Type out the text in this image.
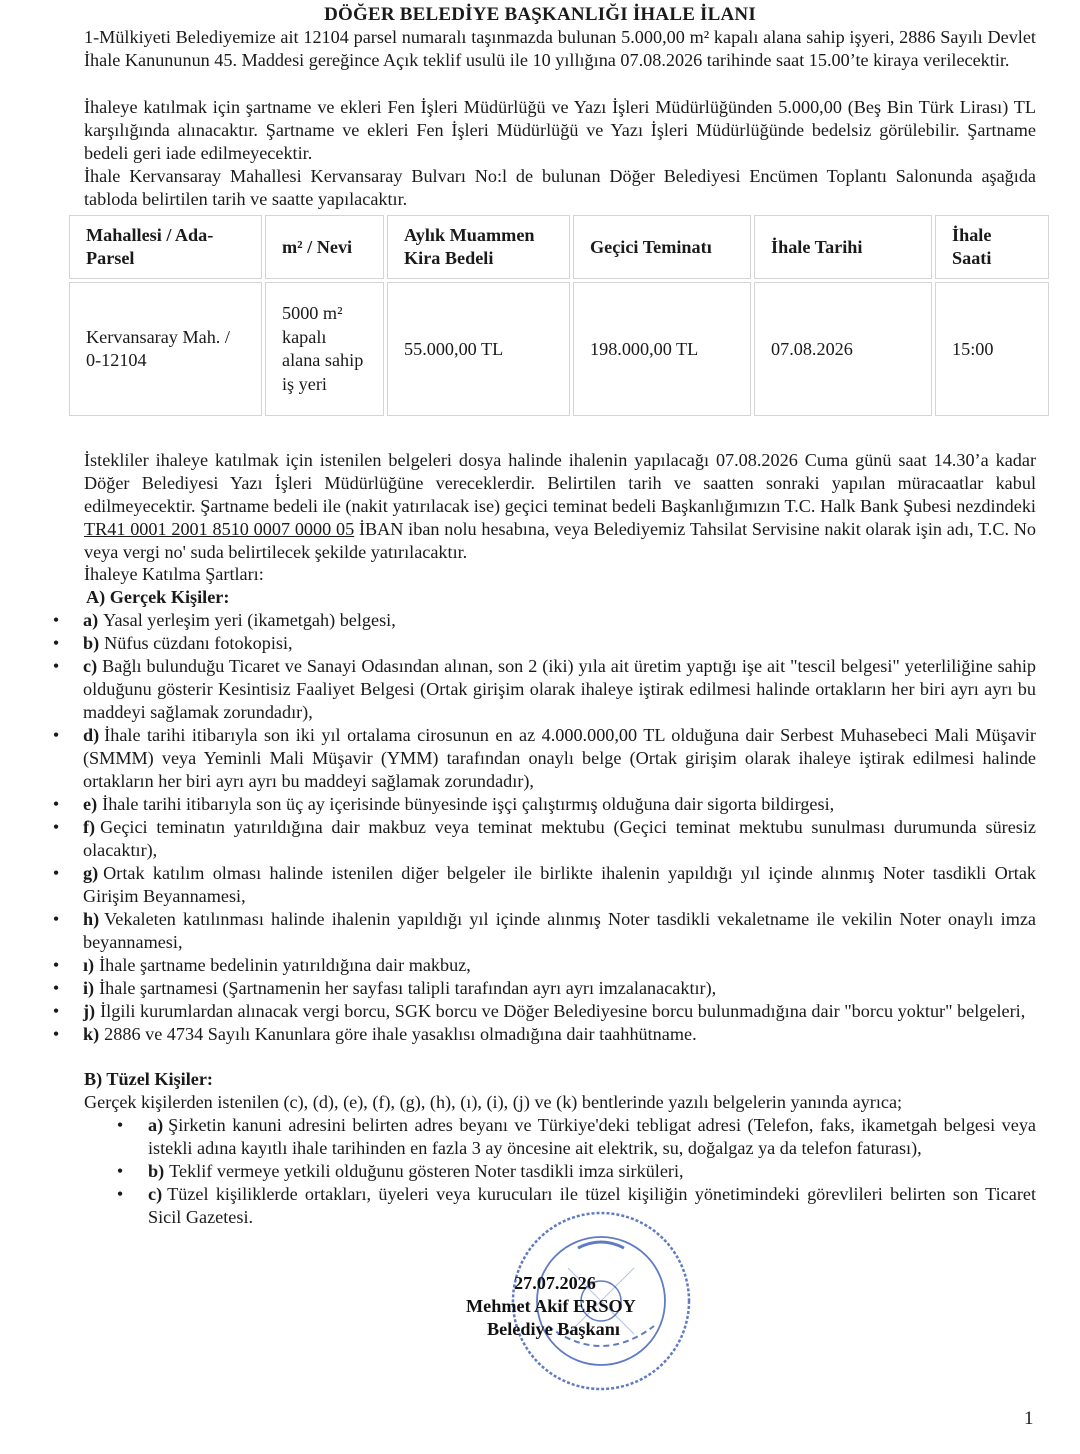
DÖĞER BELEDİYE BAŞKANLIĞI İHALE İLANI
1-Mülkiyeti Belediyemize ait 12104 parsel numaralı taşınmazda bulunan 5.000,00 m² kapalı alana sahip işyeri, 2886 Sayılı Devlet İhale Kanununun 45. Maddesi gereğince Açık teklif usulü ile 10 yıllığına 07.08.2026 tarihinde saat 15.00’te kiraya verilecektir.
İhaleye katılmak için şartname ve ekleri Fen İşleri Müdürlüğü ve Yazı İşleri Müdürlüğünden 5.000,00 (Beş Bin Türk Lirası) TL karşılığında alınacaktır. Şartname ve ekleri Fen İşleri Müdürlüğü ve Yazı İşleri Müdürlüğünde bedelsiz görülebilir. Şartname bedeli geri iade edilmeyecektir.
İhale Kervansaray Mahallesi Kervansaray Bulvarı No:l de bulunan Döğer Belediyesi Encümen Toplantı Salonunda aşağıda tabloda belirtilen tarih ve saatte yapılacaktır.
Mahallesi / Ada-Parsel	m² / Nevi	Aylık Muammen Kira Bedeli	Geçici Teminatı	İhale Tarihi	İhale Saati
Kervansaray Mah. / 0-12104	5000 m² kapalı alana sahip iş yeri	55.000,00 TL	198.000,00 TL	07.08.2026	15:00
İstekliler ihaleye katılmak için istenilen belgeleri dosya halinde ihalenin yapılacağı 07.08.2026 Cuma günü saat 14.30’a kadar Döğer Belediyesi Yazı İşleri Müdürlüğüne vereceklerdir. Belirtilen tarih ve saatten sonraki yapılan müracaatlar kabul edilmeyecektir. Şartname bedeli ile (nakit yatırılacak ise) geçici teminat bedeli Başkanlığımızın T.C. Halk Bank Şubesi nezdindeki TR41 0001 2001 8510 0007 0000 05 İBAN iban nolu hesabına, veya Belediyemiz Tahsilat Servisine nakit olarak işin adı, T.C. No veya vergi no' suda belirtilecek şekilde yatırılacaktır.
İhaleye Katılma Şartları:
A) Gerçek Kişiler:
• a) Yasal yerleşim yeri (ikametgah) belgesi,
• b) Nüfus cüzdanı fotokopisi,
• c) Bağlı bulunduğu Ticaret ve Sanayi Odasından alınan, son 2 (iki) yıla ait üretim yaptığı işe ait "tescil belgesi" yeterliliğine sahip olduğunu gösterir Kesintisiz Faaliyet Belgesi (Ortak girişim olarak ihaleye iştirak edilmesi halinde ortakların her biri ayrı ayrı bu maddeyi sağlamak zorundadır),
• d) İhale tarihi itibarıyla son iki yıl ortalama cirosunun en az 4.000.000,00 TL olduğuna dair Serbest Muhasebeci Mali Müşavir (SMMM) veya Yeminli Mali Müşavir (YMM) tarafından onaylı belge (Ortak girişim olarak ihaleye iştirak edilmesi halinde ortakların her biri ayrı ayrı bu maddeyi sağlamak zorundadır),
• e) İhale tarihi itibarıyla son üç ay içerisinde bünyesinde işçi çalıştırmış olduğuna dair sigorta bildirgesi,
• f) Geçici teminatın yatırıldığına dair makbuz veya teminat mektubu (Geçici teminat mektubu sunulması durumunda süresiz olacaktır),
• g) Ortak katılım olması halinde istenilen diğer belgeler ile birlikte ihalenin yapıldığı yıl içinde alınmış Noter tasdikli Ortak Girişim Beyannamesi,
• h) Vekaleten katılınması halinde ihalenin yapıldığı yıl içinde alınmış Noter tasdikli vekaletname ile vekilin Noter onaylı imza beyannamesi,
• ı) İhale şartname bedelinin yatırıldığına dair makbuz,
• i) İhale şartnamesi (Şartnamenin her sayfası talipli tarafından ayrı ayrı imzalanacaktır),
• j) İlgili kurumlardan alınacak vergi borcu, SGK borcu ve Döğer Belediyesine borcu bulunmadığına dair "borcu yoktur" belgeleri,
• k) 2886 ve 4734 Sayılı Kanunlara göre ihale yasaklısı olmadığına dair taahhütname.
B) Tüzel Kişiler:
Gerçek kişilerden istenilen (c), (d), (e), (f), (g), (h), (ı), (i), (j) ve (k) bentlerinde yazılı belgelerin yanında ayrıca;
• a) Şirketin kanuni adresini belirten adres beyanı ve Türkiye'deki tebligat adresi (Telefon, faks, ikametgah belgesi veya istekli adına kayıtlı ihale tarihinden en fazla 3 ay öncesine ait elektrik, su, doğalgaz ya da telefon faturası),
• b) Teklif vermeye yetkili olduğunu gösteren Noter tasdikli imza sirküleri,
• c) Tüzel kişiliklerde ortakları, üyeleri veya kurucuları ile tüzel kişiliğin yönetimindeki görevlileri belirten son Ticaret Sicil Gazetesi.
27.07.2026
Mehmet Akif ERSOY
Belediye Başkanı
1
